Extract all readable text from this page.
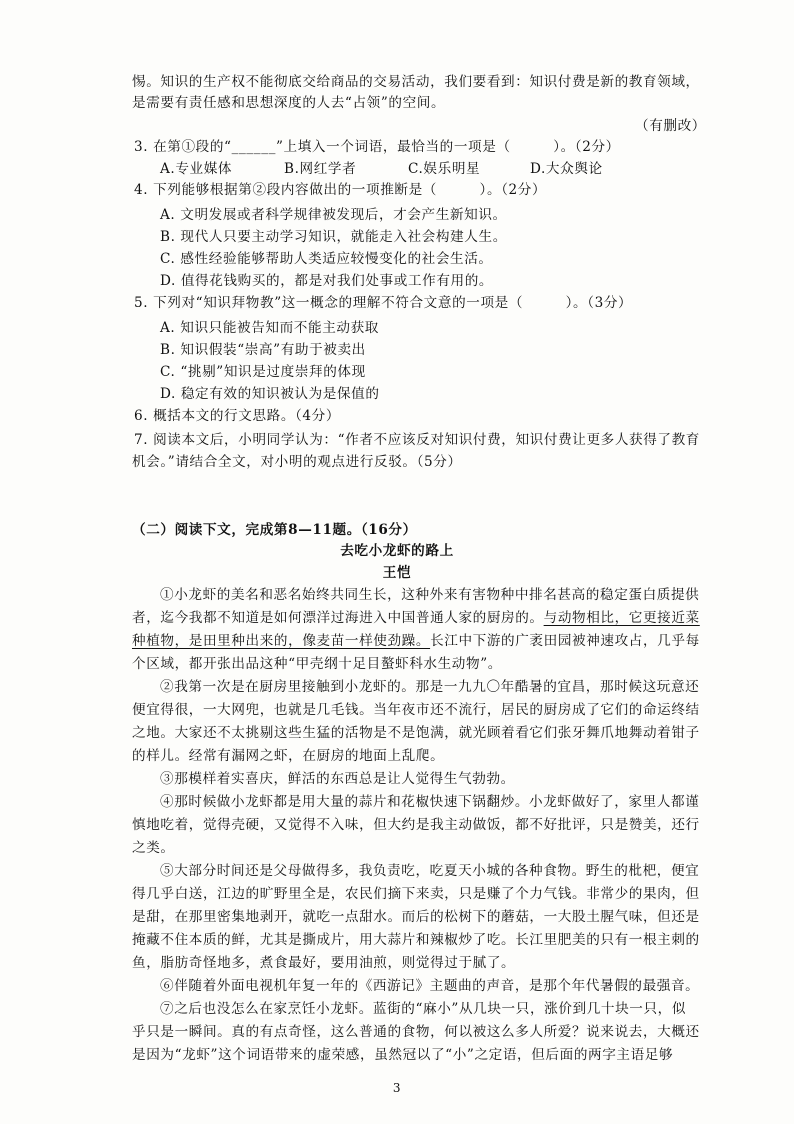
惕。知识的生产权不能彻底交给商品的交易活动，我们要看到：知识付费是新的教育领域，
是需要有责任感和思想深度的人去“占领”的空间。
（有删改）
3. 在第①段的“______”上填入一个词语，最恰当的一项是（　　　）。（2分）
A.专业媒体	B.网红学者	C.娱乐明星	D.大众舆论
4. 下列能够根据第②段内容做出的一项推断是（　　　）。（2分）
A. 文明发展或者科学规律被发现后，才会产生新知识。
B. 现代人只要主动学习知识，就能走入社会构建人生。
C. 感性经验能够帮助人类适应较慢变化的社会生活。
D. 值得花钱购买的，都是对我们处事或工作有用的。
5. 下列对“知识拜物教”这一概念的理解不符合文意的一项是（　　　）。（3分）
A. 知识只能被告知而不能主动获取
B. 知识假装“崇高”有助于被卖出
C. “挑剔”知识是过度崇拜的体现
D. 稳定有效的知识被认为是保值的
6. 概括本文的行文思路。（4分）
7. 阅读本文后，小明同学认为：“作者不应该反对知识付费，知识付费让更多人获得了教育
机会。”请结合全文，对小明的观点进行反驳。（5分）
（二）阅读下文，完成第8—11题。（16分）
去吃小龙虾的路上
王恺
①小龙虾的美名和恶名始终共同生长，这种外来有害物种中排名甚高的稳定蛋白质提供
者，迄今我都不知道是如何漂洋过海进入中国普通人家的厨房的。与动物相比，它更接近菜
种植物，是田里种出来的，像麦苗一样使劲躁。长江中下游的广袤田园被神速攻占，几乎每
个区域，都开张出品这种“甲壳纲十足目螯虾科水生动物”。
②我第一次是在厨房里接触到小龙虾的。那是一九九〇年酷暑的宜昌，那时候这玩意还
便宜得很，一大网兜，也就是几毛钱。当年夜市还不流行，居民的厨房成了它们的命运终结
之地。大家还不太挑剔这些生猛的活物是不是饱满，就光顾着看它们张牙舞爪地舞动着钳子
的样儿。经常有漏网之虾，在厨房的地面上乱爬。
③那模样着实喜庆，鲜活的东西总是让人觉得生气勃勃。
④那时候做小龙虾都是用大量的蒜片和花椒快速下锅翻炒。小龙虾做好了，家里人都谨
慎地吃着，觉得壳硬，又觉得不入味，但大约是我主动做饭，都不好批评，只是赞美，还行
之类。
⑤大部分时间还是父母做得多，我负责吃，吃夏天小城的各种食物。野生的枇杷，便宜
得几乎白送，江边的旷野里全是，农民们摘下来卖，只是赚了个力气钱。非常少的果肉，但
是甜，在那里密集地剥开，就吃一点甜水。而后的松树下的蘑菇，一大股土腥气味，但还是
掩藏不住本质的鲜，尤其是撕成片，用大蒜片和辣椒炒了吃。长江里肥美的只有一根主刺的
鱼，脂肪奇怪地多，煮食最好，要用油煎，则觉得过于腻了。
⑥伴随着外面电视机年复一年的《西游记》主题曲的声音，是那个年代暑假的最强音。
⑦之后也没怎么在家烹饪小龙虾。蓝街的“麻小”从几块一只，涨价到几十块一只，似
乎只是一瞬间。真的有点奇怪，这么普通的食物，何以被这么多人所爱？说来说去，大概还
是因为“龙虾”这个词语带来的虚荣感，虽然冠以了“小”之定语，但后面的两字主语足够
3
